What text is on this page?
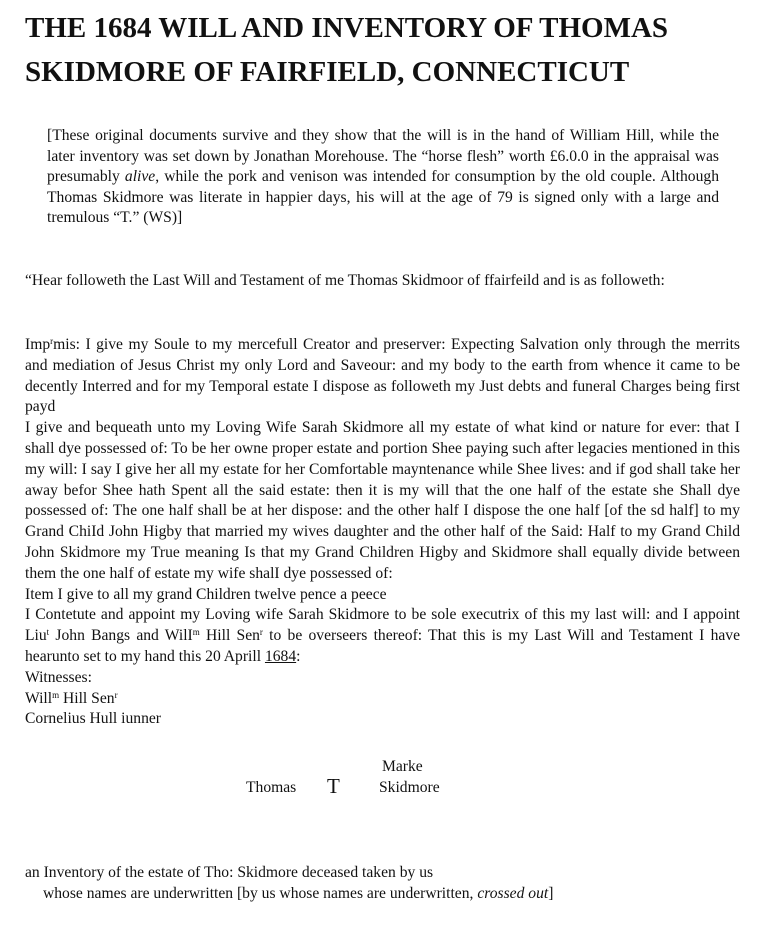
THE 1684 WILL AND INVENTORY OF THOMAS
SKIDMORE OF FAIRFIELD, CONNECTICUT

[These original documents survive and they show that the will is in the hand of William Hill, while the later inventory was set down by Jonathan Morehouse. The “horse flesh” worth £6.0.0 in the appraisal was presumably alive, while the pork and venison was intended for consumption by the old couple. Although Thomas Skidmore was literate in happier days, his will at the age of 79 is signed only with a large and tremulous “T.” (WS)]

“Hear followeth the Last Will and Testament of me Thomas Skidmoor of ffairfeild and is as followeth:

Imp$^r$mis: I give my Soule to my mercefull Creator and preserver: Expecting Salvation only through the merrits and mediation of Jesus Christ my only Lord and Saveour: and my body to the earth from whence it came to be decently Interred and for my Temporal estate I dispose as followeth my Just debts and funeral Charges being first payd
I give and bequeath unto my Loving Wife Sarah Skidmore all my estate of what kind or nature for ever: that I shall dye possessed of: To be her owne proper estate and portion Shee paying such after legacies mentioned in this my will: I say I give her all my estate for her Comfortable mayntenance while Shee lives: and if god shall take her away befor Shee hath Spent all the said estate: then it is my will that the one half of the estate she Shall dye possessed of: The one half shall be at her dispose: and the other half I dispose the one half [of the sd half] to my Grand ChiId John Higby that married my wives daughter and the other half of the Said: Half to my Grand Child John Skidmore my True meaning Is that my Grand Children Higby and Skidmore shall equally divide between them the one half of estate my wife shalI dye possessed of:
Item I give to all my grand Children twelve pence a peece
I Contetute and appoint my Loving wife Sarah Skidmore to be sole executrix of this my last will: and I appoint Liu$^t$ John Bangs and WilI$^m$ Hill Sen$^r$ to be overseers thereof: That this is my Last Will and Testament I have hearunto set to my hand this 20 Aprill 1684:
Witnesses:
Will$^m$ Hill Sen$^r$
Cornelius Hull iunner
Marke
Thomas T	Skidmore
an Inventory of the estate of Tho: Skidmore deceased taken by us
whose names are underwritten [by us whose names are underwritten, crossed out]
